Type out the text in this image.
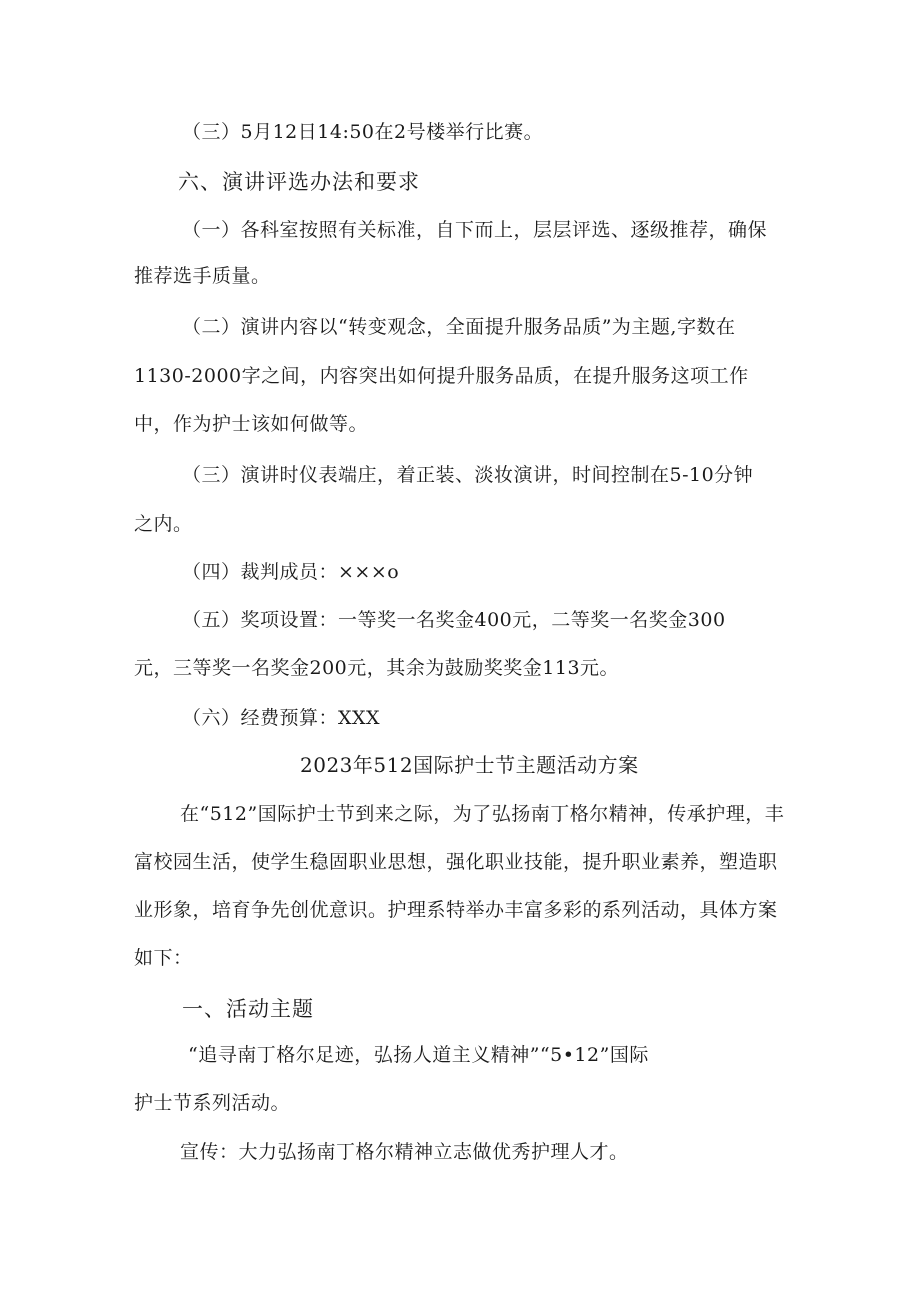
（三）5月12日14:50在2号楼举行比赛。
六、演讲评选办法和要求
（一）各科室按照有关标准，自下而上，层层评选、逐级推荐，确保
推荐选手质量。
（二）演讲内容以“转变观念，全面提升服务品质”为主题,字数在
1130-2000字之间，内容突出如何提升服务品质，在提升服务这项工作
中，作为护士该如何做等。
（三）演讲时仪表端庄，着正装、淡妆演讲，时间控制在5-10分钟
之内。
（四）裁判成员：×××o
（五）奖项设置：一等奖一名奖金400元，二等奖一名奖金300
元，三等奖一名奖金200元，其余为鼓励奖奖金113元。
（六）经费预算：XXX
2023年512国际护士节主题活动方案
在“512”国际护士节到来之际，为了弘扬南丁格尔精神，传承护理，丰
富校园生活，使学生稳固职业思想，强化职业技能，提升职业素养，塑造职
业形象，培育争先创优意识。护理系特举办丰富多彩的系列活动，具体方案
如下：
一、活动主题
“追寻南丁格尔足迹，弘扬人道主义精神”“5•12”国际
护士节系列活动。
宣传：大力弘扬南丁格尔精神立志做优秀护理人才。
